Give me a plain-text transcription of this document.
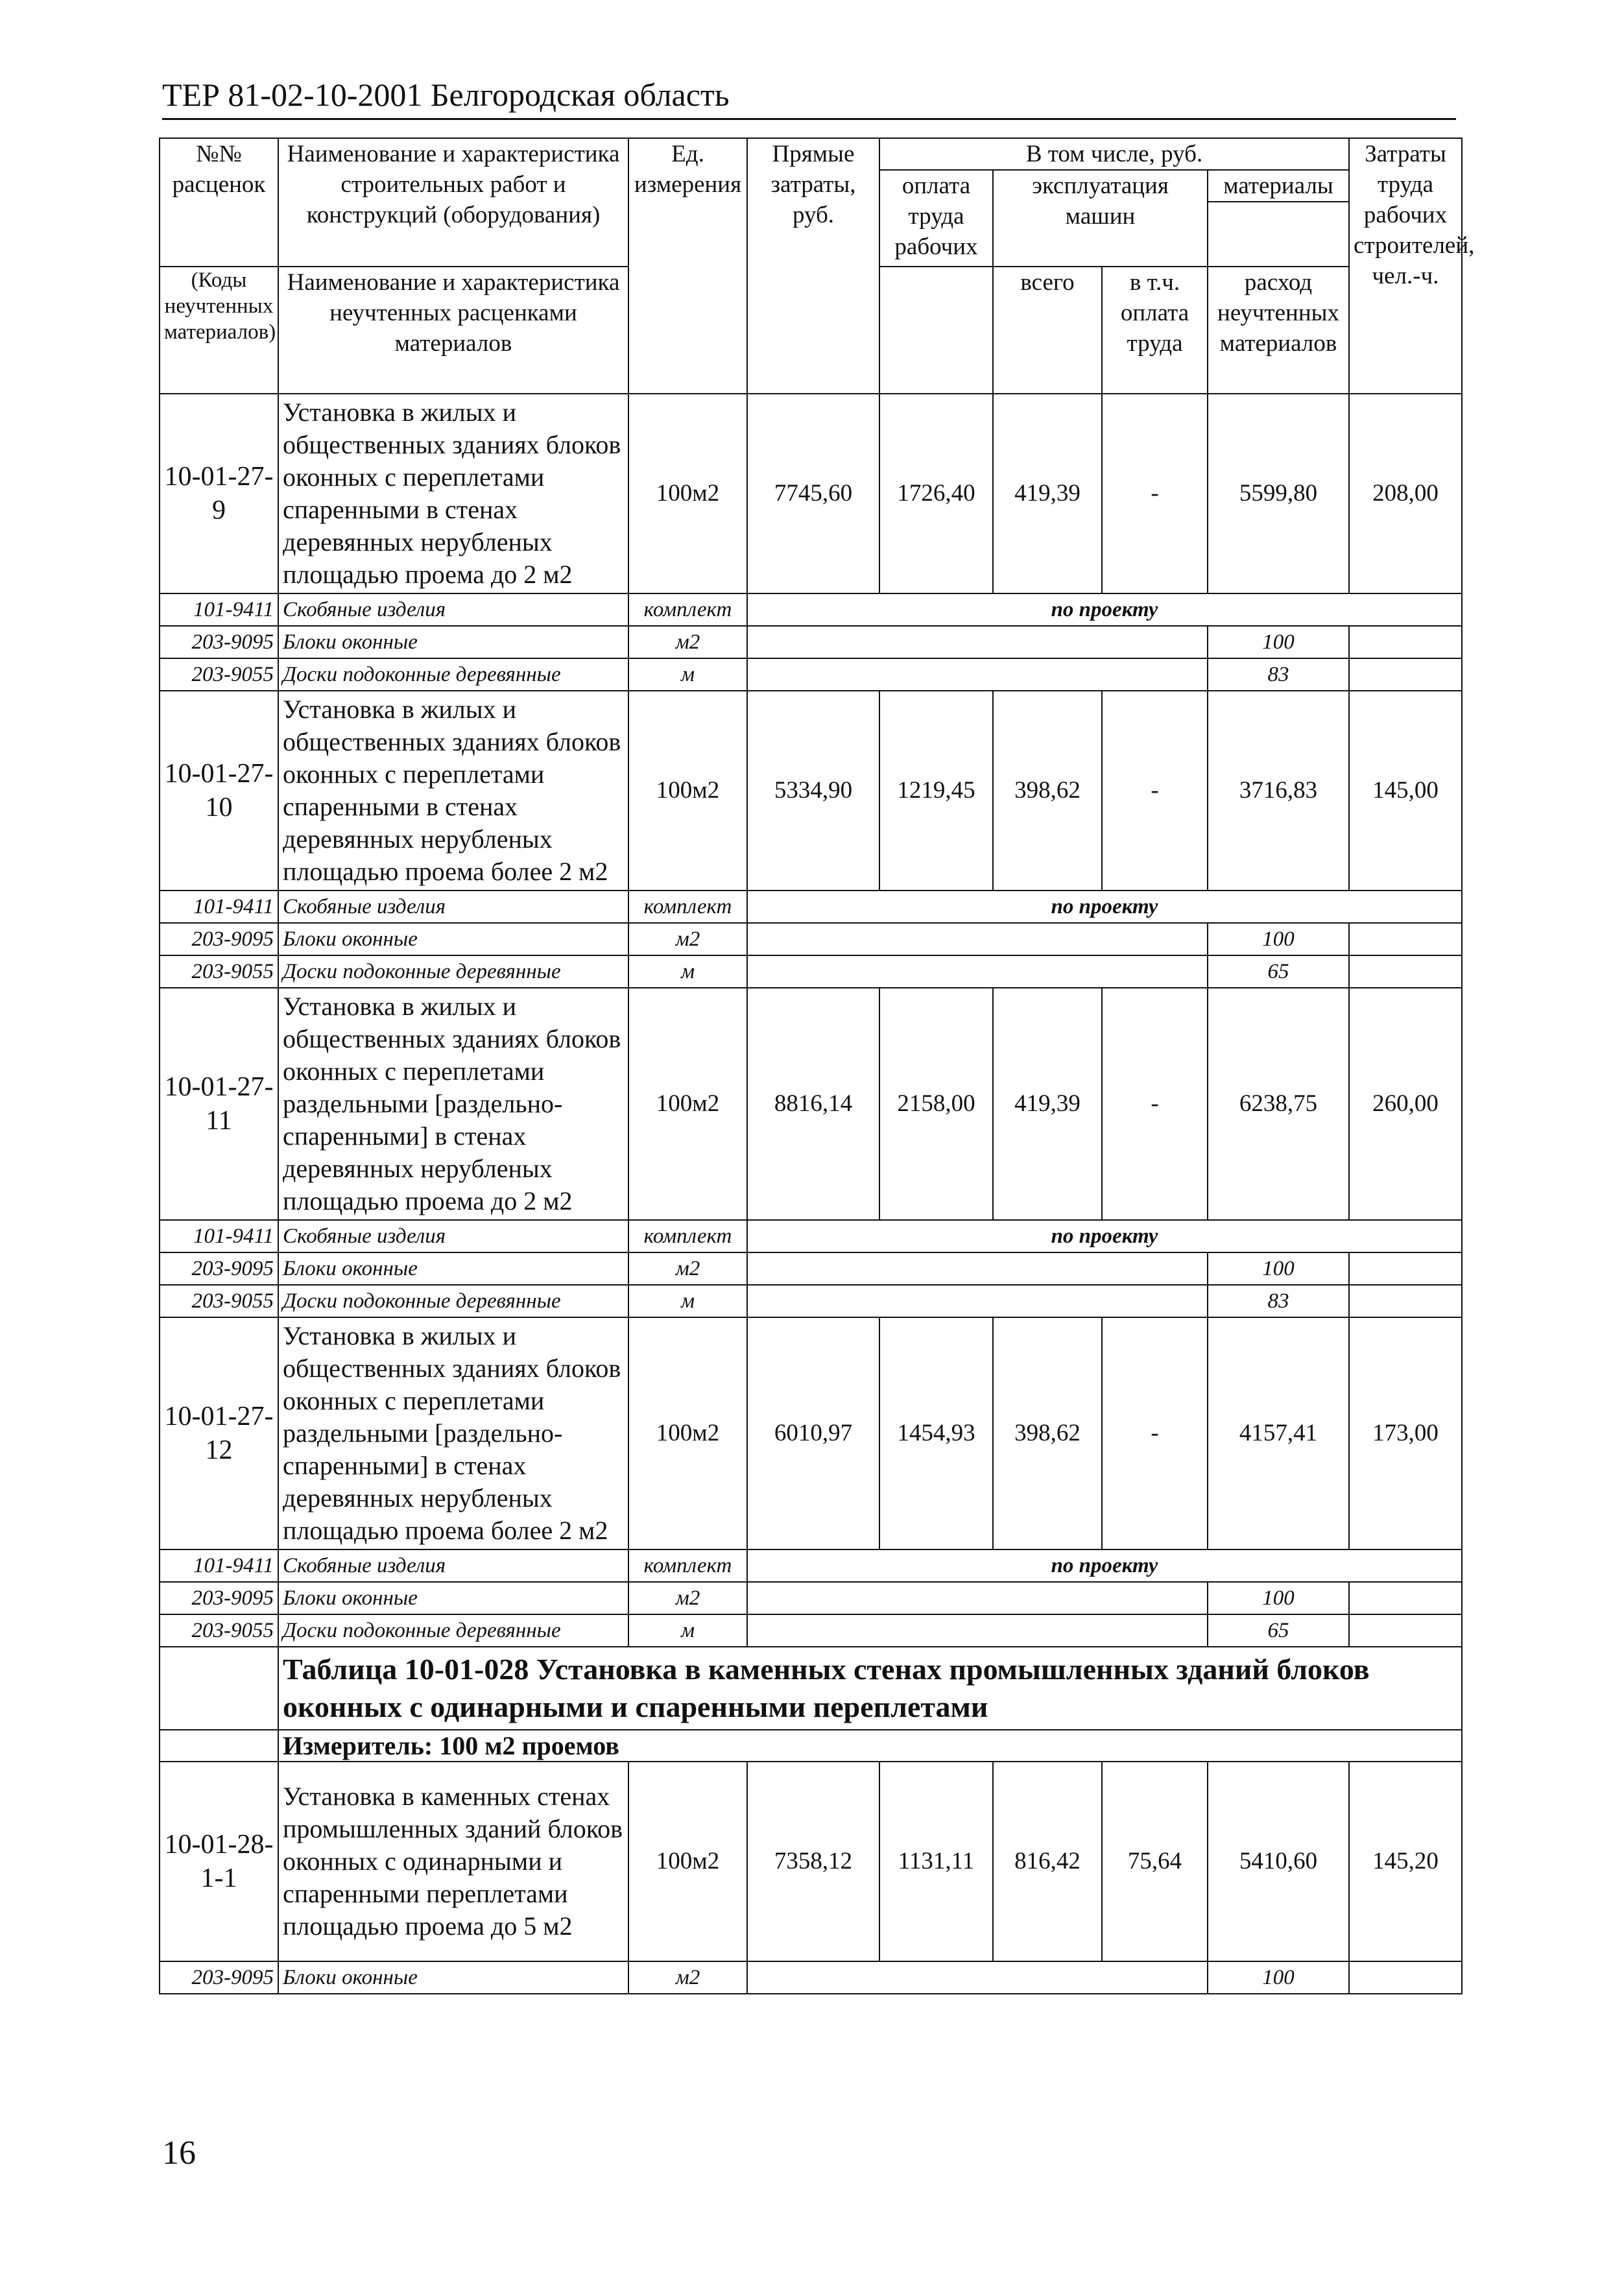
ТЕР 81-02-10-2001 Белгородская область
№№ расценок	Наименование и характеристика строительных работ и конструкций (оборудования)	Ед. измерения	Прямые затраты, руб.	В том числе, руб.				Затраты труда рабочих строителей, чел.-ч.
				оплата труда рабочих	эксплуатация машин		материалы	

(Коды неучтенных материалов)	Наименование и характеристика неучтенных расценками материалов				всего	в т.ч. оплата труда	расход неучтенных материалов	

10-01-27-9	Установка в жилых и общественных зданиях блоков оконных с переплетами спаренными в стенах деревянных нерубленых площадью проема до 2 м2	100м2	7745,60	1726,40	419,39	-	5599,80	208,00
101-9411	Скобяные изделия	комплект	по проекту					
203-9095	Блоки оконные	м2					100	
203-9055	Доски подоконные деревянные	м					83	
10-01-27-10	Установка в жилых и общественных зданиях блоков оконных с переплетами спаренными в стенах деревянных нерубленых площадью проема более 2 м2	100м2	5334,90	1219,45	398,62	-	3716,83	145,00
101-9411	Скобяные изделия	комплект	по проекту					
203-9095	Блоки оконные	м2					100	
203-9055	Доски подоконные деревянные	м					65	
10-01-27-11	Установка в жилых и общественных зданиях блоков оконных с переплетами раздельными [раздельно-спаренными] в стенах деревянных нерубленых площадью проема до 2 м2	100м2	8816,14	2158,00	419,39	-	6238,75	260,00
101-9411	Скобяные изделия	комплект	по проекту					
203-9095	Блоки оконные	м2					100	
203-9055	Доски подоконные деревянные	м					83	
10-01-27-12	Установка в жилых и общественных зданиях блоков оконных с переплетами раздельными [раздельно-спаренными] в стенах деревянных нерубленых площадью проема более 2 м2	100м2	6010,97	1454,93	398,62	-	4157,41	173,00
101-9411	Скобяные изделия	комплект	по проекту					
203-9095	Блоки оконные	м2					100	
203-9055	Доски подоконные деревянные	м					65	
	Таблица 10-01-028 Установка в каменных стенах промышленных зданий блоков оконных с одинарными и спаренными переплетами							
	Измеритель: 100 м2 проемов							
10-01-28-1-1	Установка в каменных стенах промышленных зданий блоков оконных с одинарными и спаренными переплетами площадью проема до 5 м2	100м2	7358,12	1131,11	816,42	75,64	5410,60	145,20
203-9095	Блоки оконные	м2					100	
16
